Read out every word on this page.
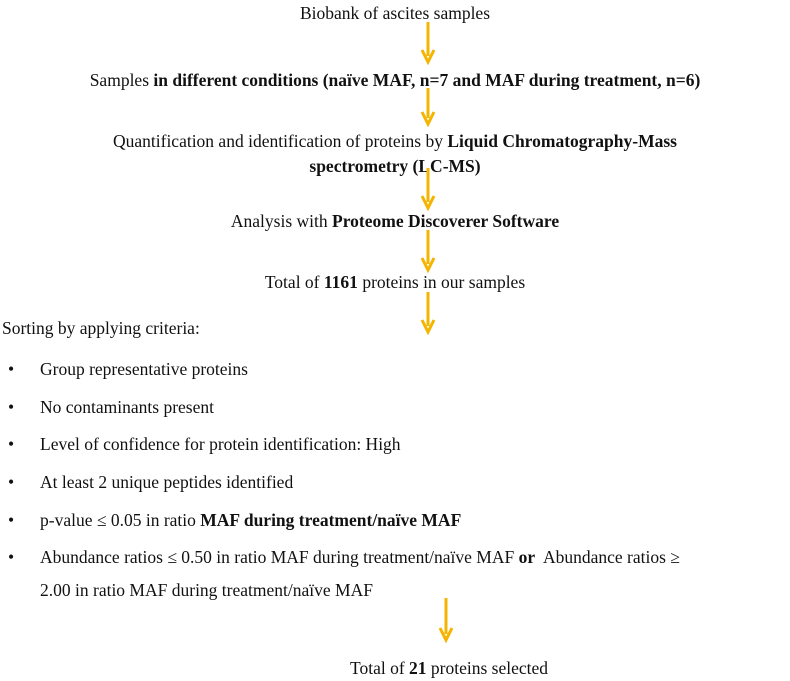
Biobank of ascites samples
Samples in different conditions (naïve MAF, n=7 and MAF during treatment, n=6)
Quantification and identification of proteins by Liquid Chromatography-Mass
spectrometry (LC-MS)
Analysis with Proteome Discoverer Software
Total of 1161 proteins in our samples
Sorting by applying criteria:
• Group representative proteins
• No contaminants present
• Level of confidence for protein identification: High
• At least 2 unique peptides identified
• p-value ≤ 0.05 in ratio MAF during treatment/naïve MAF
• Abundance ratios ≤ 0.50 in ratio MAF during treatment/naïve MAF or  Abundance ratios ≥
2.00 in ratio MAF during treatment/naïve MAF
Total of 21 proteins selected
